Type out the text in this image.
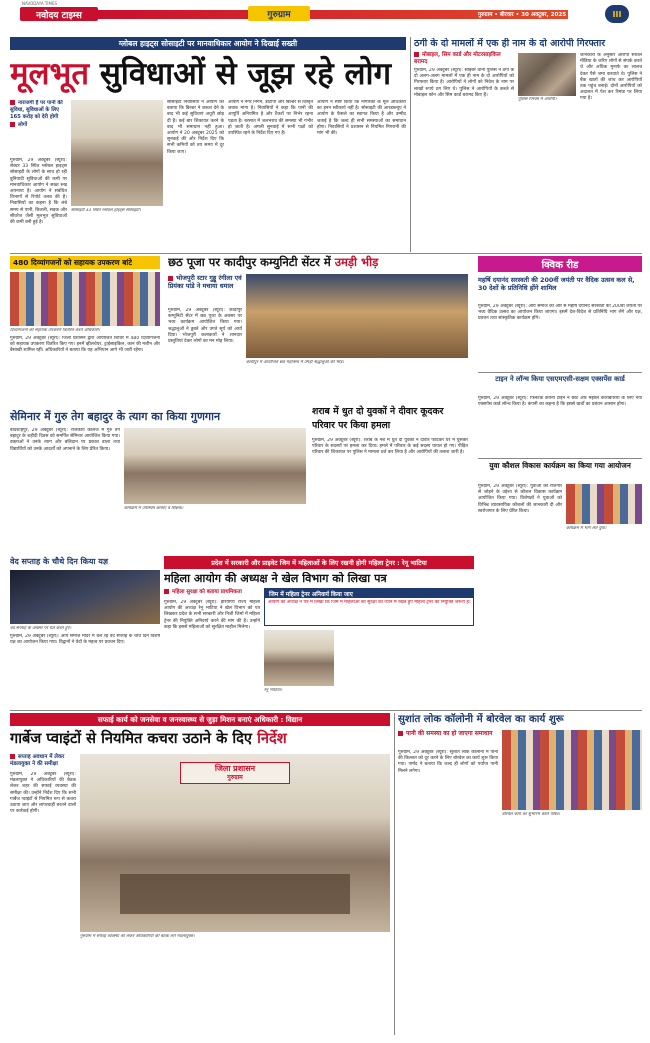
NAVODAYA TIMES
नवोदय टाइम्स	गुरुग्राम	गुरुग्राम • बीरवार • 30 अक्टूबर, 2025	III
ग्लोबल हाइट्स सोसाइटी पर मानवाधिकार आयोग ने दिखाई सख्ती
मूलभूत सुविधाओं से जूझ रहे लोग
नाराजगी है पर पानी की सुविधा, सुविधाओं के लिए 165 करोड़ को देरी होगी
लोगों
गुरुग्राम, 29 अक्टूबर (ब्यूरो): सेक्टर 33 स्थित ग्लोबल हाइट्स सोसाइटी के लोगों के साथ हो रही बुनियादी सुविधाओं की कमी पर मानवाधिकार आयोग ने सख्त रुख अपनाया है। आयोग ने संबंधित विभागों से रिपोर्ट तलब की है। निवासियों का कहना है कि लंबे समय से पानी, बिजली, सड़क और सीवरेज जैसी मूलभूत सुविधाओं की कमी बनी हुई है।
सोसाइटी 33 स्थित ग्लोबल हाइट्स सोसाइटी।
सोसाइटी निवासियों ने आयोग को बताया कि बिल्डर ने कब्जा देने के बाद भी कई सुविधाएं अधूरी छोड़ दी हैं। कई बार शिकायत करने के बाद भी समाधान नहीं हुआ। आयोग ने 20 अक्टूबर 2025 को सुनवाई की और निर्देश दिए कि सभी कमियों को तय समय में दूर किया जाए।
आयोग ने नगर निगम, डीटीपी और बिल्डर से विस्तृत जवाब मांगा है। निवासियों ने कहा कि पानी की आपूर्ति अनियमित है और टैंकरों पर निर्भर रहना पड़ता है। बरसात में जलभराव की समस्या भी गंभीर हो जाती है। अगली सुनवाई में सभी पक्षों को उपस्थित रहने के निर्देश दिए गए हैं।
आयोग ने स्पष्ट किया कि नागरिकों के मूल अधिकारों का हनन स्वीकार्य नहीं है। सोसाइटी की आरडब्ल्यूए ने आयोग के फैसले का स्वागत किया है और उम्मीद जताई है कि जल्द ही सभी समस्याओं का समाधान होगा। निवासियों ने प्रशासन से नियमित निगरानी की मांग भी की।
ठगी के दो मामलों में एक ही नाम के दो आरोपी गिरफ्तार
मोबाइल, सिम कार्ड और मोटरसाइकिल बरामद
गुरुग्राम, 29 अक्टूबर (ब्यूरो): साइबर थाना पुलिस ने ठगी के दो अलग-अलग मामलों में एक ही नाम के दो आरोपियों को गिरफ्तार किया है। आरोपियों ने लोगों को निवेश के नाम पर लाखों रुपये ठग लिए थे। पुलिस ने आरोपियों के कब्जे से मोबाइल फोन और सिम कार्ड बरामद किए हैं।
पुलिस गिरफ्त में आरोपी।
जानकारी के अनुसार आरोपी सोशल मीडिया के जरिए लोगों से संपर्क करते थे और अधिक मुनाफे का लालच देकर पैसे जमा करवाते थे। पुलिस ने बैंक खातों की जांच कर आरोपियों तक पहुंच बनाई। दोनों आरोपियों को अदालत में पेश कर रिमांड पर लिया गया है।
480 दिव्यांगजनों को सहायक उपकरण बांटे
दिव्यांगजनों को सहायक उपकरण वितरित करते अधिकारी।
गुरुग्राम, 29 अक्टूबर (ब्यूरो): जिला प्रशासन द्वारा आयोजित शिविर में 480 दिव्यांगजनों को सहायक उपकरण वितरित किए गए। इनमें व्हीलचेयर, ट्राईसाइकिल, कान की मशीन और बैसाखी शामिल रहीं। अधिकारियों ने बताया कि यह अभियान आगे भी जारी रहेगा।
छठ पूजा पर कादीपुर कम्युनिटी सेंटर में उमड़ी भीड़
भोजपुरी स्टार गुड्डू रंगीला एवं प्रियंका पांडे ने मचाया धमाल
गुरुग्राम, 29 अक्टूबर (ब्यूरो): कादीपुर कम्युनिटी सेंटर में छठ पूजा के अवसर पर भव्य कार्यक्रम आयोजित किया गया। श्रद्धालुओं ने डूबते और उगते सूर्य को अर्घ्य दिया। भोजपुरी कलाकारों ने शानदार प्रस्तुतियां देकर लोगों का मन मोह लिया।
कादीपुर में आयोजित छठ महोत्सव में उमड़ी श्रद्धालुओं की भीड़।
सेमिनार में गुरु तेग बहादुर के त्याग का किया गुणगान
बादशाहपुर, 29 अक्टूबर (ब्यूरो): राजकीय कॉलेज में गुरु तेग बहादुर के शहीदी दिवस को समर्पित सेमिनार आयोजित किया गया। वक्ताओं ने उनके त्याग और बलिदान पर प्रकाश डाला तथा विद्यार्थियों को उनके आदर्शों को अपनाने के लिए प्रेरित किया।
कार्यक्रम में उपस्थित छात्राएं व शिक्षक।
शराब में धुत दो युवकों ने दीवार कूदकर परिवार पर किया हमला
गुरुग्राम, 29 अक्टूबर (ब्यूरो): शराब के नशे में धुत दो युवकों ने दीवार फांदकर घर में घुसकर परिवार के सदस्यों पर हमला कर दिया। हमले में परिवार के कई सदस्य घायल हो गए। पीड़ित परिवार की शिकायत पर पुलिस ने मामला दर्ज कर लिया है और आरोपियों की तलाश जारी है।
क्विक रीड
महर्षि दयानंद सरस्वती की 200वीं जयंती पर वैदिक उत्सव कल से, 30 देशों के प्रतिनिधि होंगे शामिल
गुरुग्राम, 29 अक्टूबर (ब्यूरो): आर्य समाज की ओर से महर्षि दयानंद सरस्वती की 200वीं जयंती पर भव्य वैदिक उत्सव का आयोजन किया जाएगा। इसमें देश-विदेश से प्रतिनिधि भाग लेंगे और यज्ञ, प्रवचन तथा सांस्कृतिक कार्यक्रम होंगे।
टाइन ने लॉन्च किया एसएमएसी-सक्षम एक्सपेंस कार्ड
गुरुग्राम, 29 अक्टूबर (ब्यूरो): फिनटेक कंपनी टाइन ने छोटे और मझोले कारोबारियों के लिए नया एक्सपेंस कार्ड लॉन्च किया है। कंपनी का कहना है कि इससे खर्चों का प्रबंधन आसान होगा।
युवा कौशल विकास कार्यक्रम का किया गया आयोजन
कार्यक्रम में भाग लेते युवा।
गुरुग्राम, 29 अक्टूबर (ब्यूरो): युवाओं को रोजगार से जोड़ने के उद्देश्य से कौशल विकास कार्यक्रम आयोजित किया गया। विशेषज्ञों ने युवाओं को विभिन्न व्यावसायिक कौशलों की जानकारी दी और स्वरोजगार के लिए प्रेरित किया।
वेद सप्ताह के चौथे दिन किया यज्ञ
वेद सप्ताह के अवसर पर यज्ञ करते हुए।
गुरुग्राम, 29 अक्टूबर (ब्यूरो): आर्य समाज मंदिर में चल रहे वेद सप्ताह के चौथे दिन विशेष यज्ञ का आयोजन किया गया। विद्वानों ने वेदों के महत्व पर प्रवचन दिए।
प्रदेश में सरकारी और प्राइवेट जिम में महिलाओं के लिए रखनी होगी महिला ट्रेनर : रेनू भाटिया
महिला आयोग की अध्यक्ष ने खेल विभाग को लिखा पत्र
महिला सुरक्षा को बताया प्राथमिकता	जिम में महिला ट्रेनर अनिवार्य किया जाए
आयोग की अध्यक्ष ने पत्र में लिखा कि जिम में महिलाओं की सुरक्षा को ध्यान में रखते हुए महिला ट्रेनर की नियुक्ति जरूरी है।
गुरुग्राम, 29 अक्टूबर (ब्यूरो): हरियाणा राज्य महिला आयोग की अध्यक्ष रेनू भाटिया ने खेल विभाग को पत्र लिखकर प्रदेश के सभी सरकारी और निजी जिमों में महिला ट्रेनर की नियुक्ति अनिवार्य करने की मांग की है। उन्होंने कहा कि इससे महिलाओं को सुरक्षित माहौल मिलेगा।
रेनू भाटिया।
सफाई कार्य को जनसेवा व जनस्वास्थ्य से जुड़ा मिशन बनाएं अधिकारी : विद्यान
गार्बेज प्वाइंटों से नियमित कचरा उठाने के दिए निर्देश
सप्ताह अवधान में लेकर मंडलायुक्त ने की समीक्षा
गुरुग्राम, 29 अक्टूबर (ब्यूरो): मंडलायुक्त ने अधिकारियों की बैठक लेकर शहर की सफाई व्यवस्था की समीक्षा की। उन्होंने निर्देश दिए कि सभी गार्बेज प्वाइंटों से नियमित रूप से कचरा उठाया जाए और लापरवाही बरतने वालों पर कार्रवाई होगी।
जिला प्रशासन
गुरुग्राम
गुरुग्राम में सफाई व्यवस्था को लेकर अधिकारियों की बैठक लेते मंडलायुक्त।
सुशांत लोक कॉलोनी में बोरवेल का कार्य शुरू
पानी की समस्या का हो जाएगा समाधान
गुरुग्राम, 29 अक्टूबर (ब्यूरो): सुशांत लोक कॉलोनी में पानी की किल्लत को दूर करने के लिए बोरवेल का कार्य शुरू किया गया। पार्षद ने बताया कि जल्द ही लोगों को पर्याप्त पानी मिलने लगेगा।
बोरवेल कार्य का शुभारंभ करते पार्षद।
